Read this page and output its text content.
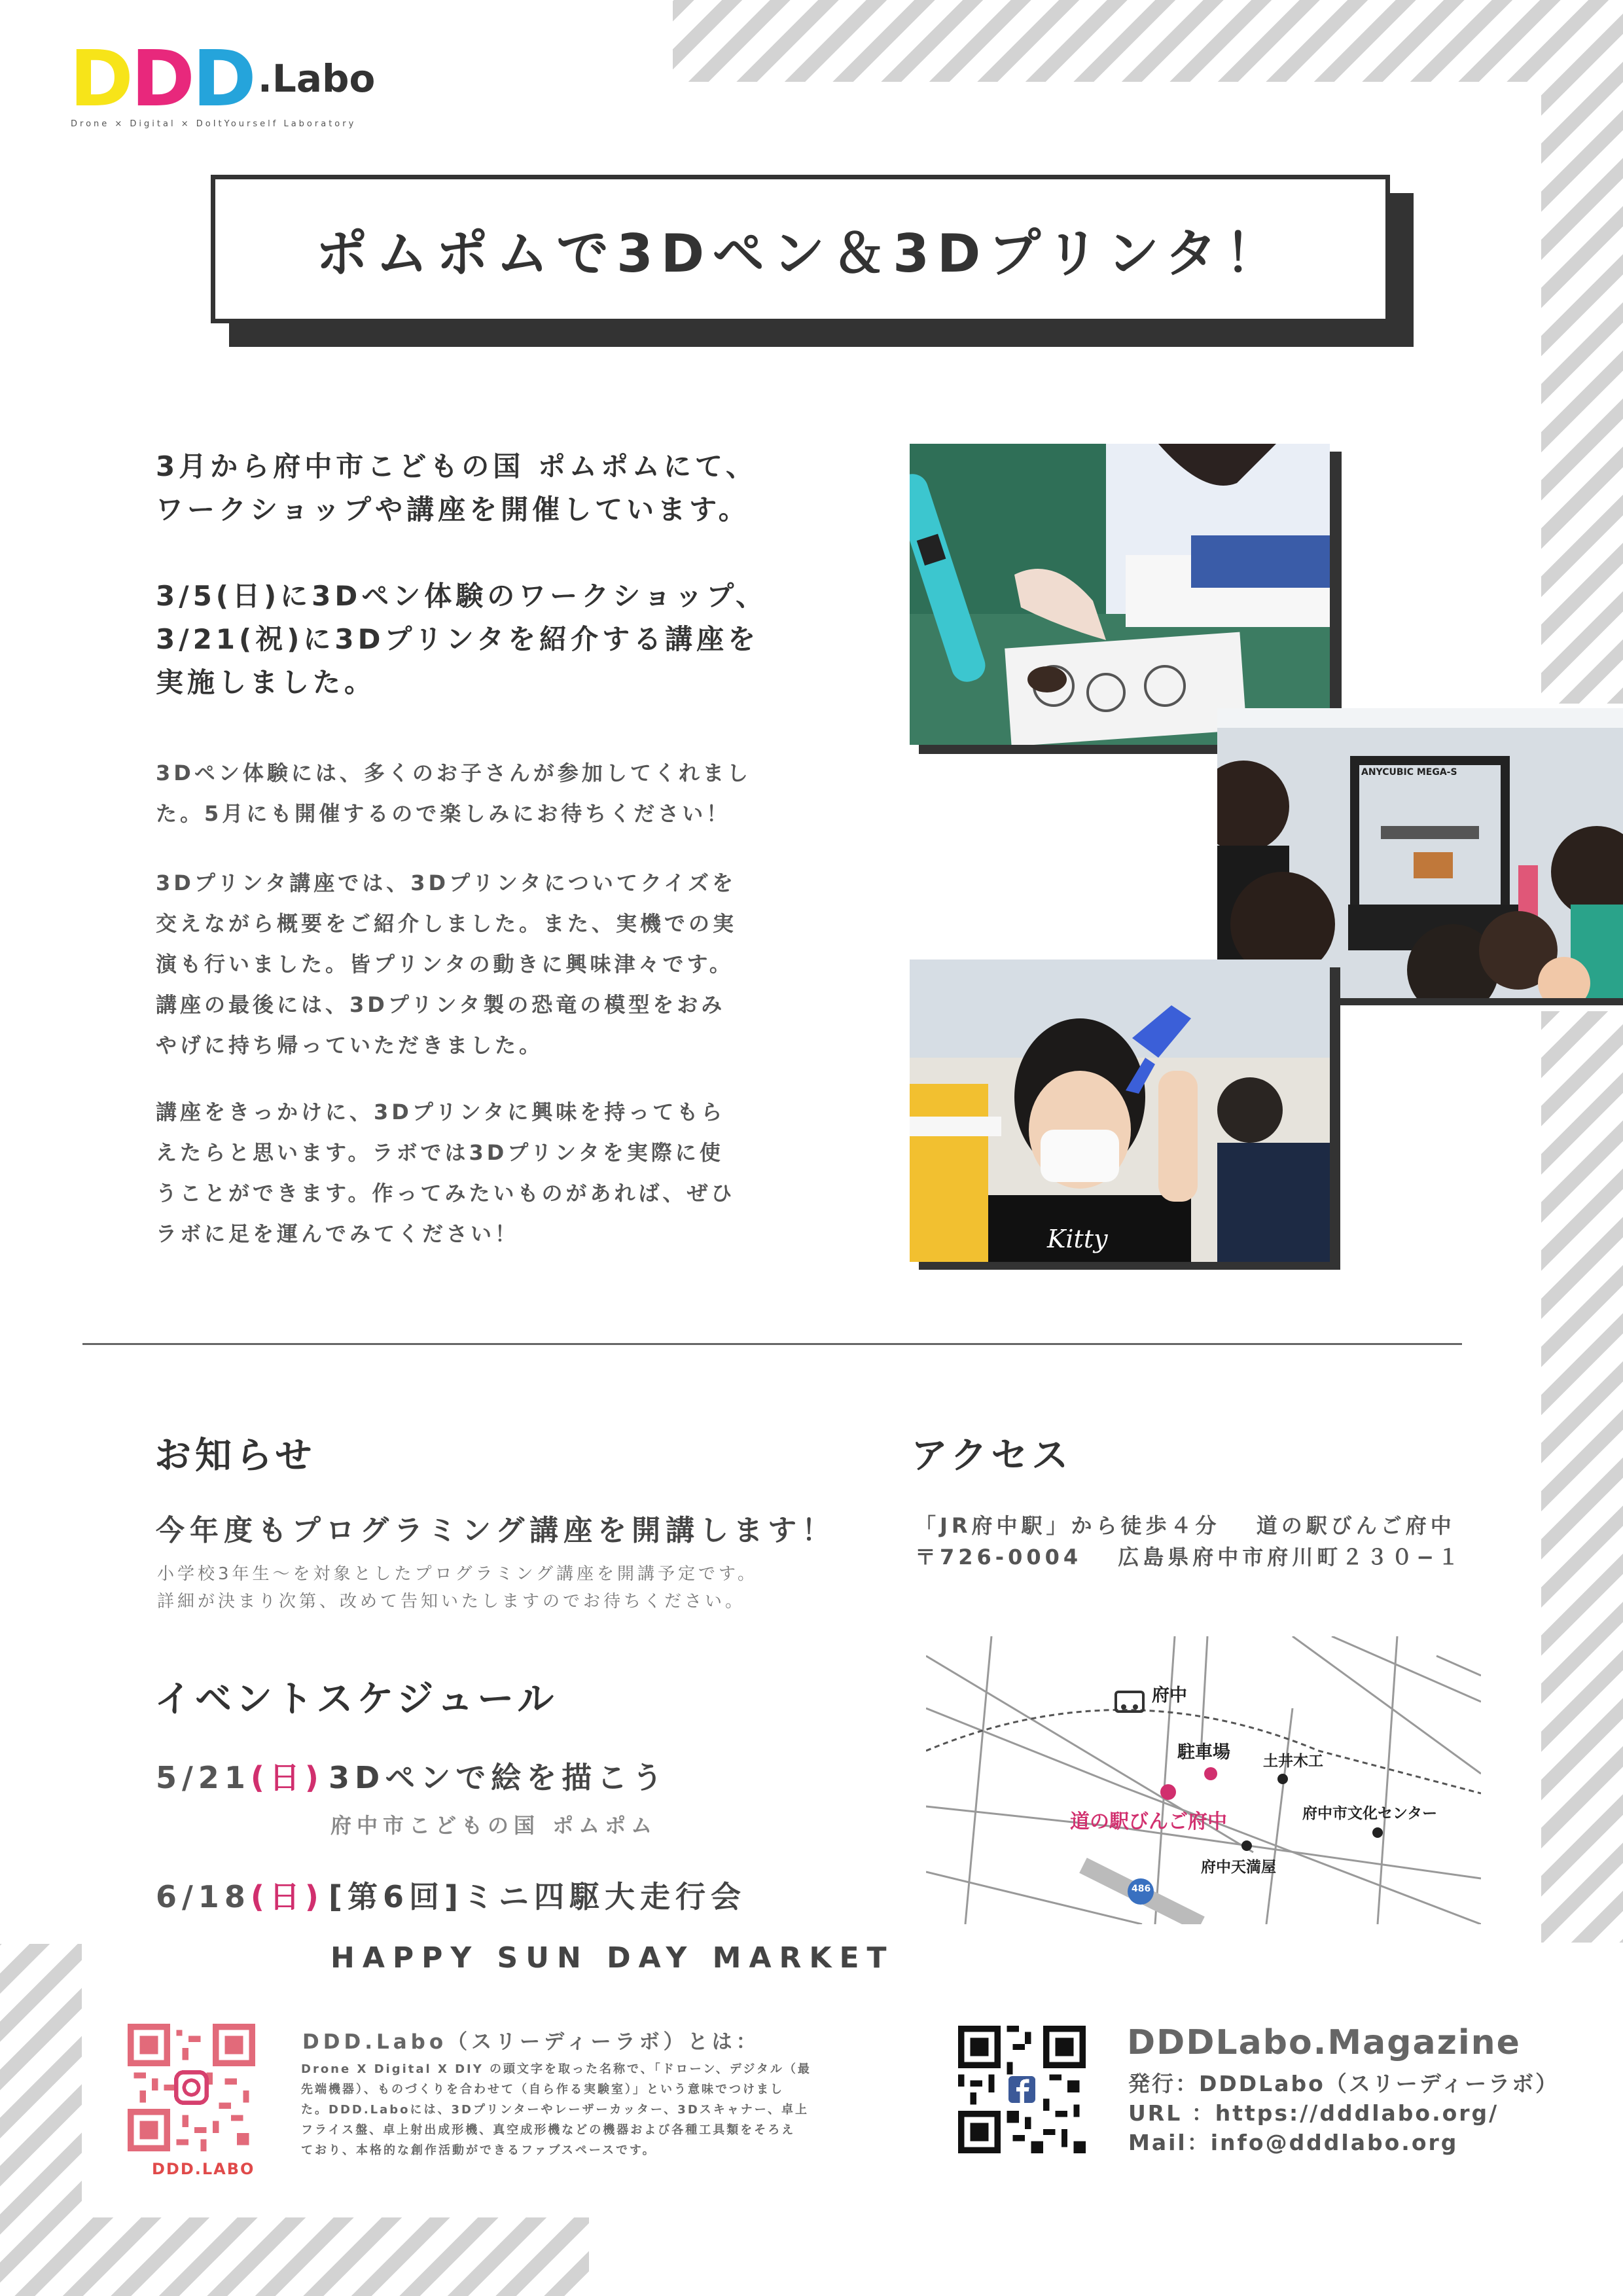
DDD .Labo
Drone × Digital × DoItYourself Laboratory
ポムポムで3Dペン＆3Dプリンタ！

3月から府中市こどもの国 ポムポムにて、

ワークショップや講座を開催しています。

3/5(日)に3Dペン体験のワークショップ、

3/21(祝)に3Dプリンタを紹介する講座を

実施しました。

3Dペン体験には、多くのお子さんが参加してくれまし

た。5月にも開催するので楽しみにお待ちください！

3Dプリンタ講座では、3Dプリンタについてクイズを

交えながら概要をご紹介しました。また、実機での実

演も行いました。皆プリンタの動きに興味津々です。

講座の最後には、3Dプリンタ製の恐竜の模型をおみ

やげに持ち帰っていただきました。

講座をきっかけに、3Dプリンタに興味を持ってもら

えたらと思います。ラボでは3Dプリンタを実際に使

うことができます。作ってみたいものがあれば、ぜひ

ラボに足を運んでみてください！

ANYCUBIC MEGA-S
Kitty
お知らせ
今年度もプログラミング講座を開講します！
小学校3年生～を対象としたプログラミング講座を開講予定です。
詳細が決まり次第、改めて告知いたしますのでお待ちください。
アクセス
「JR府中駅」から徒歩４分　 道の駅びんご府中
〒726-0004　 広島県府中市府川町２３０−１
府中
駐車場
道の駅びんご府中
土井木工
府中市文化センター
府中天満屋
486
イベントスケジュール
5/21(日) 3Dペンで絵を描こう
府中市こどもの国 ポムポム
6/18(日) [第6回]ミニ四駆大走行会
HAPPY SUN DAY MARKET
DDD.LABO
DDD.Labo（スリーディーラボ）とは：
Drone X Digital X DIY の頭文字を取った名称で、「ドローン、デジタル（最
先端機器）、ものづくりを合わせて（自ら作る実験室）」という意味でつけまし
た。DDD.Laboには、3Dプリンターやレーザーカッター、3Dスキャナー、卓上
フライス盤、卓上射出成形機、真空成形機などの機器および各種工具類をそろえ
ており、本格的な創作活動ができるファブスペースです。
DDDLabo.Magazine
発行：DDDLabo（スリーディーラボ）
URL ：https://dddlabo.org/
Mail：info@dddlabo.org
